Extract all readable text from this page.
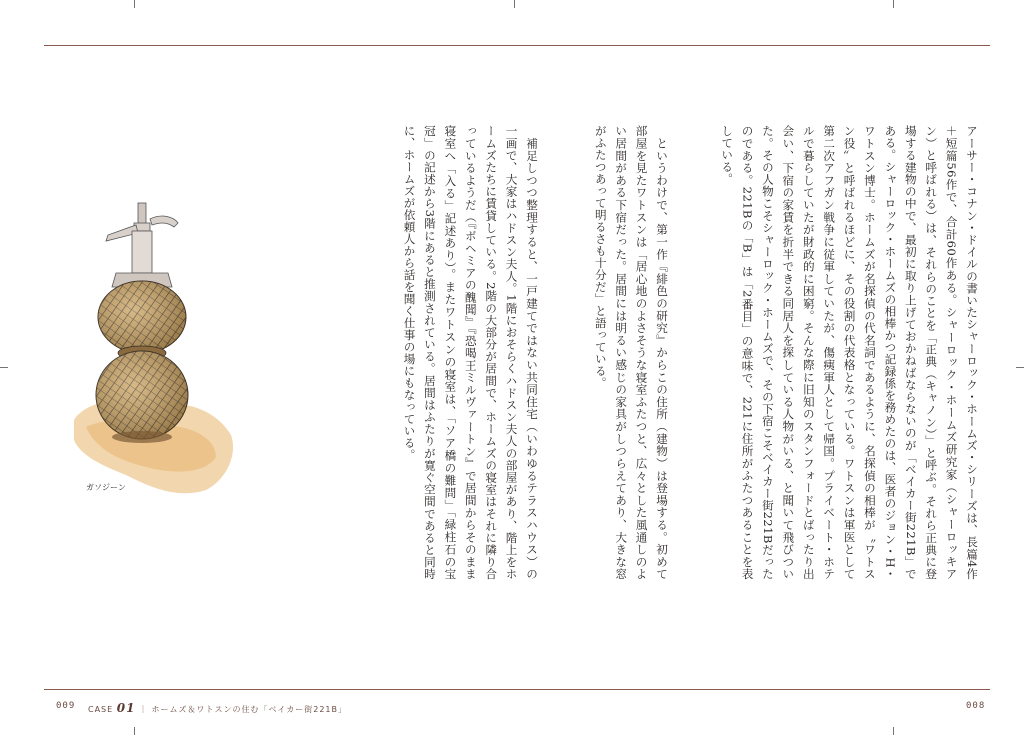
アーサー・コナン・ドイルの書いたシャーロック・ホームズ・シリーズは、長篇4作＋短篇56作で、合計60作ある。シャーロック・ホームズ研究家（シャーロッキアン）と呼ばれる）は、それらのことを「正典（キャノン）」と呼ぶ。それら正典に登場する建物の中で、最初に取り上げておかねばならないのが「ベイカー街221B」である。シャーロック・ホームズの相棒かつ記録係を務めたのは、医者のジョン・H・ワトスン博士。ホームズが名探偵の代名詞であるように、名探偵の相棒が〝ワトスン役〟と呼ばれるほどに、その役割の代表格となっている。ワトスンは軍医として第二次アフガン戦争に従軍していたが、傷痍軍人として帰国。プライベート・ホテルで暮らしていたが財政的に困窮。そんな際に旧知のスタンフォードとばったり出会い、下宿の家賃を折半できる同居人を探している人物がいる、と聞いて飛びついた。その人物こそシャーロック・ホームズで、その下宿こそベイカー街221Bだったのである。221Bの「B」は「2番目」の意味で、221に住所がふたつあることを表している。
　というわけで、第一作『緋色の研究』からこの住所（建物）は登場する。初めて部屋を見たワトスンは「居心地のよさそうな寝室ふたつと、広々とした風通しのよい居間がある下宿だった。居間には明るい感じの家具がしつらえてあり、大きな窓がふたつあって明るさも十分だ」と語っている。
　補足しつつ整理すると、一戸建てではない共同住宅（いわゆるテラスハウス）の一画で、大家はハドスン夫人。1階におそらくハドスン夫人の部屋があり、階上をホームズたちに賃貸している。2階の大部分が居間で、ホームズの寝室はそれに隣り合っているようだ（『ボヘミアの醜聞』『恐喝王ミルヴァートン』で居間からそのまま寝室へ「入る」記述あり）。またワトスンの寝室は、「ソア橋の難問」「緑柱石の宝冠」の記述から3階にあると推測されている。居間はふたりが寛ぐ空間であると同時に、ホームズが依頼人から話を聞く仕事の場にもなっている。
ガソジーン
009 CASE 01 ｜ ホームズ＆ワトスンの住む「ベイカー街221B」	008
